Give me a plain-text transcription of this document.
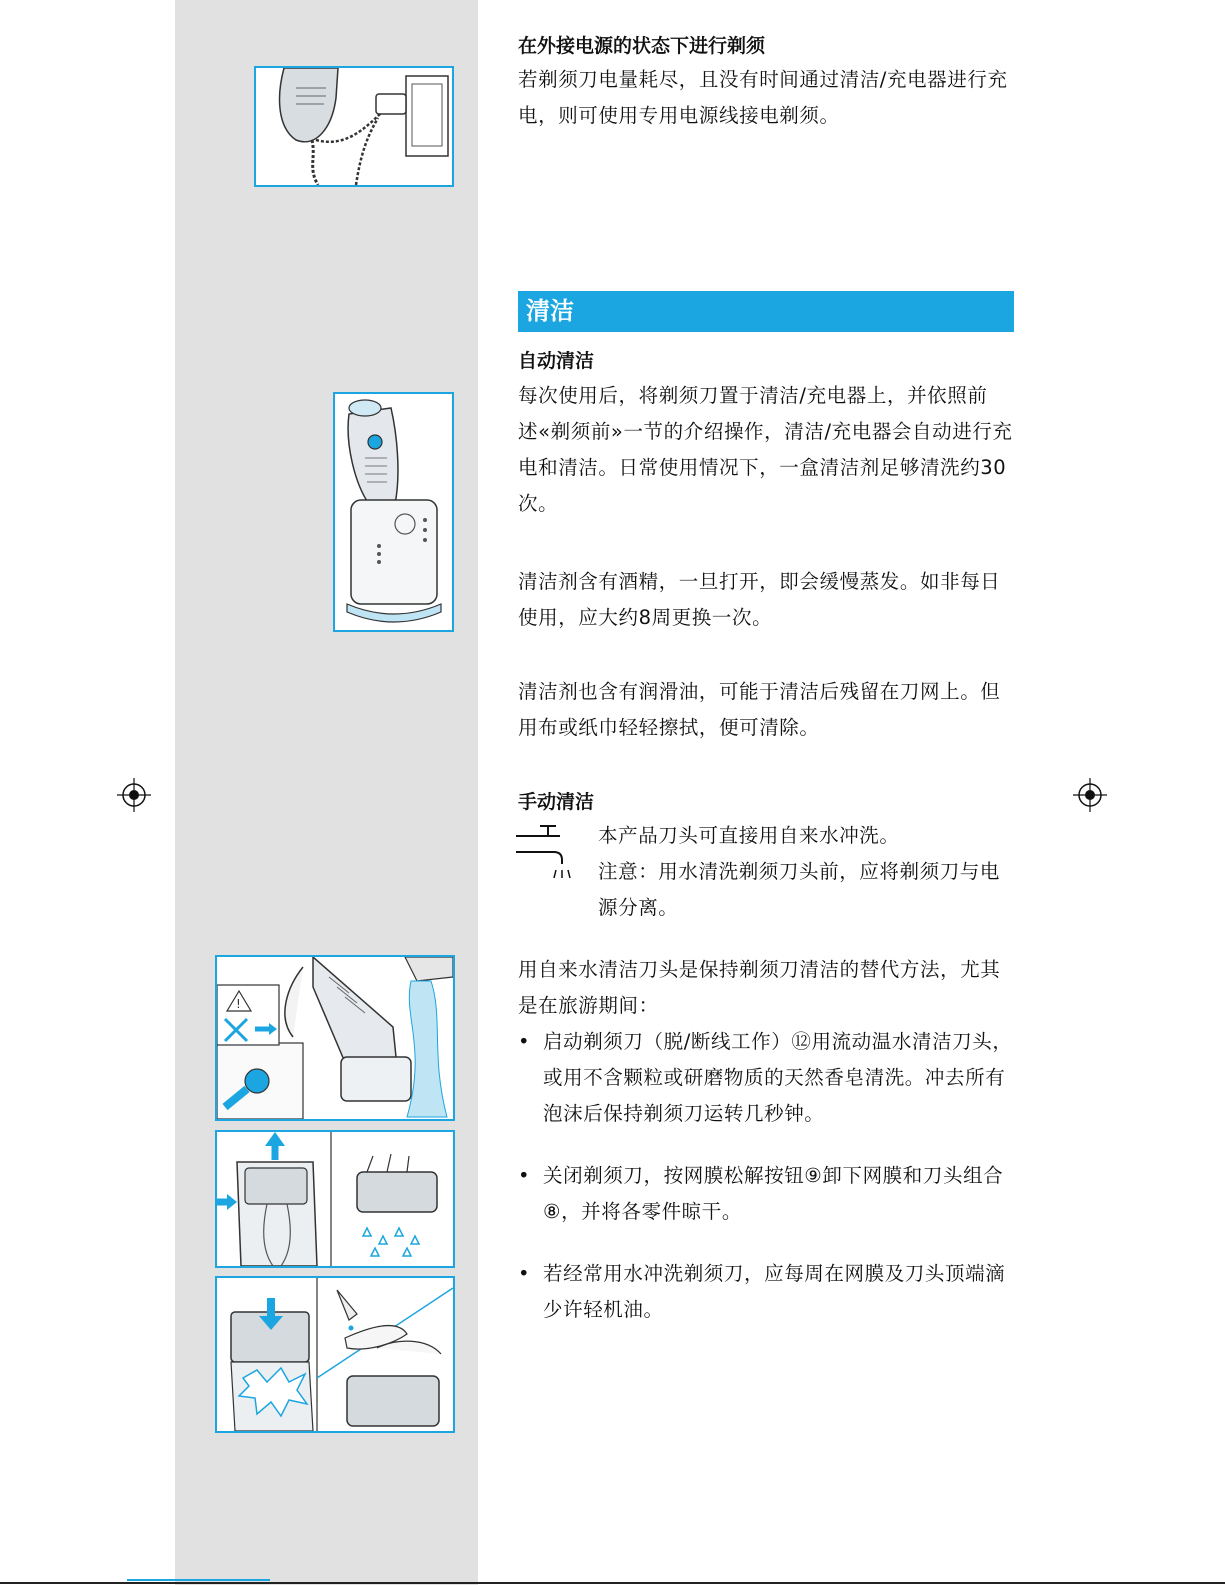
!
在外接电源的状态下进行剃须
若剃须刀电量耗尽，且没有时间通过清洁/充电器进行充电，则可使用专用电源线接电剃须。
清洁
自动清洁
每次使用后，将剃须刀置于清洁/充电器上，并依照前述«剃须前»一节的介绍操作，清洁/充电器会自动进行充电和清洁。日常使用情况下，一盒清洁剂足够清洗约30次。
清洁剂含有酒精，一旦打开，即会缓慢蒸发。如非每日使用，应大约8周更换一次。
清洁剂也含有润滑油，可能于清洁后残留在刀网上。但用布或纸巾轻轻擦拭，便可清除。
手动清洁
本产品刀头可直接用自来水冲洗。
注意：用水清洗剃须刀头前，应将剃须刀与电源分离。
用自来水清洁刀头是保持剃须刀清洁的替代方法，尤其是在旅游期间：
• 启动剃须刀（脱/断线工作）⑫用流动温水清洁刀头，或用不含颗粒或研磨物质的天然香皂清洗。冲去所有泡沫后保持剃须刀运转几秒钟。
• 关闭剃须刀，按网膜松解按钮⑨卸下网膜和刀头组合⑧，并将各零件晾干。
• 若经常用水冲洗剃须刀，应每周在网膜及刀头顶端滴少许轻机油。
